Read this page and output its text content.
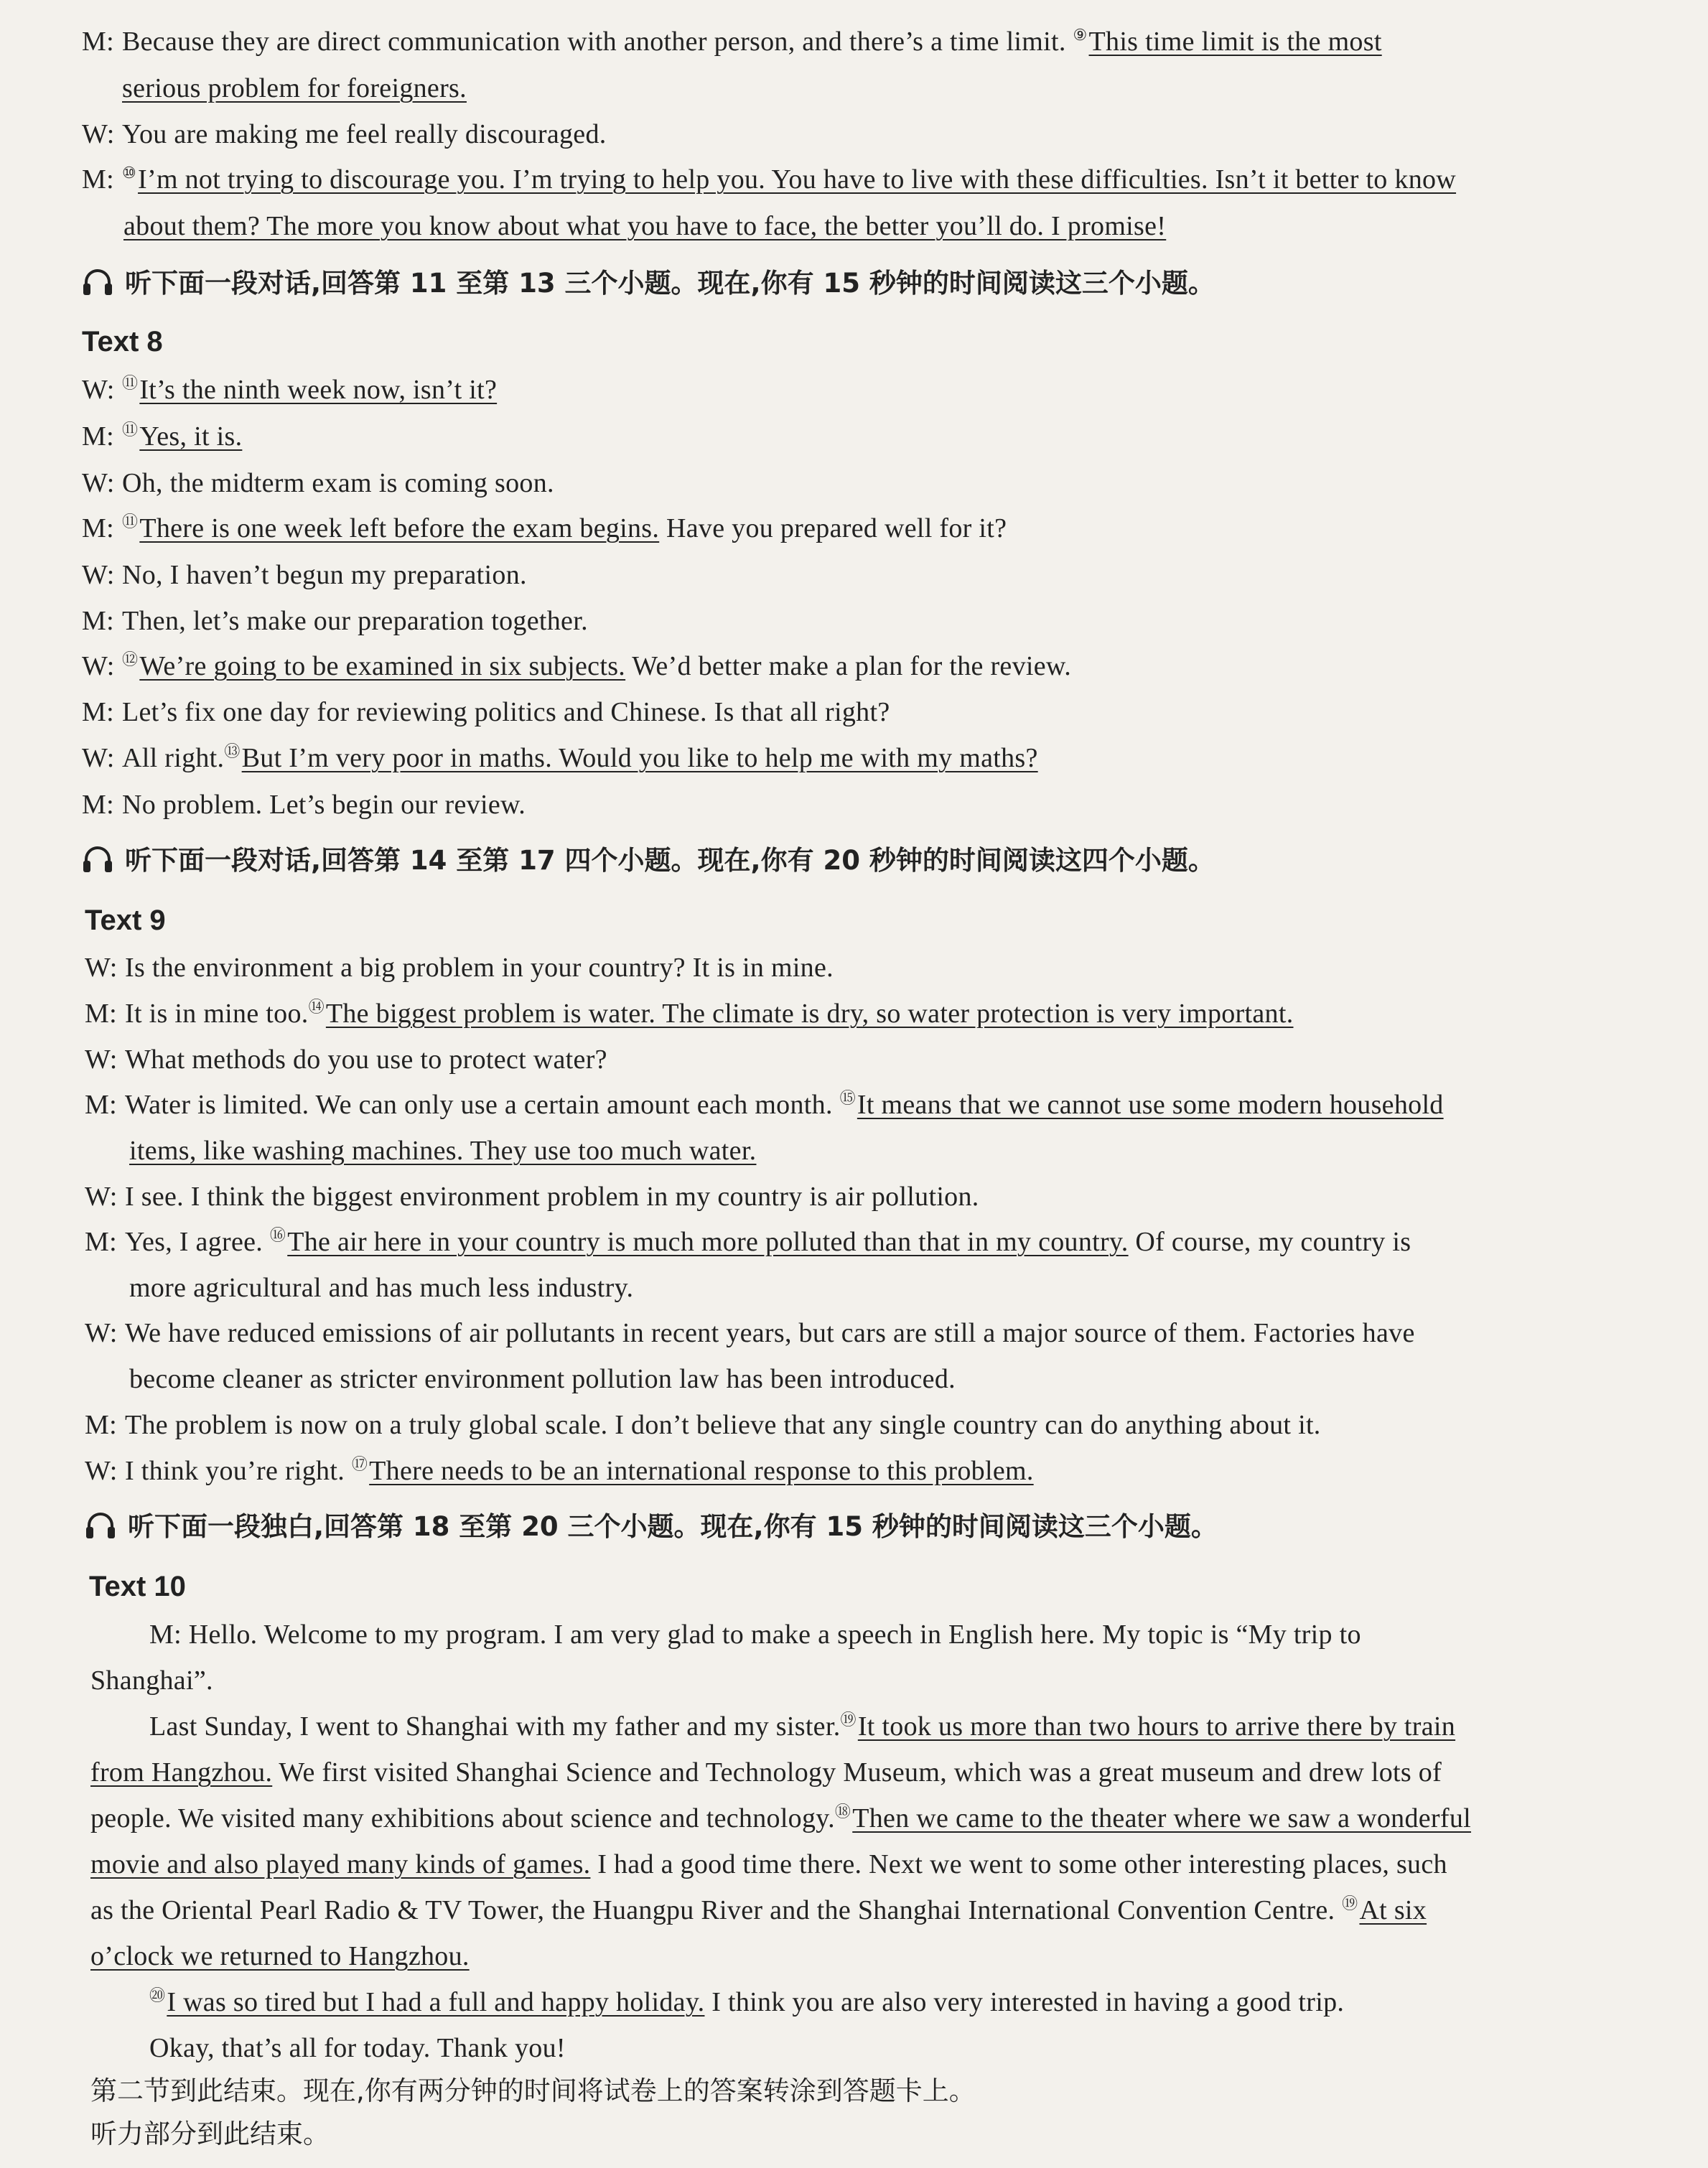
M: Because they are direct communication with another person, and there’s a time limit. ⑨This time limit is the most
serious problem for foreigners.
W: You are making me feel really discouraged.
M: ⑩I’m not trying to discourage you. I’m trying to help you. You have to live with these difficulties. Isn’t it better to know
about them? The more you know about what you have to face, the better you’ll do. I promise!
听下面一段对话,回答第 11 至第 13 三个小题。现在,你有 15 秒钟的时间阅读这三个小题。
Text 8
W: ⑪It’s the ninth week now, isn’t it?
M: ⑪Yes, it is.
W: Oh, the midterm exam is coming soon.
M: ⑪There is one week left before the exam begins. Have you prepared well for it?
W: No, I haven’t begun my preparation.
M: Then, let’s make our preparation together.
W: ⑫We’re going to be examined in six subjects. We’d better make a plan for the review.
M: Let’s fix one day for reviewing politics and Chinese. Is that all right?
W: All right.⑬But I’m very poor in maths. Would you like to help me with my maths?
M: No problem. Let’s begin our review.
听下面一段对话,回答第 14 至第 17 四个小题。现在,你有 20 秒钟的时间阅读这四个小题。
Text 9
W: Is the environment a big problem in your country? It is in mine.
M: It is in mine too.⑭The biggest problem is water. The climate is dry, so water protection is very important.
W: What methods do you use to protect water?
M: Water is limited. We can only use a certain amount each month. ⑮It means that we cannot use some modern household
items, like washing machines. They use too much water.
W: I see. I think the biggest environment problem in my country is air pollution.
M: Yes, I agree. ⑯The air here in your country is much more polluted than that in my country. Of course, my country is
more agricultural and has much less industry.
W: We have reduced emissions of air pollutants in recent years, but cars are still a major source of them. Factories have
become cleaner as stricter environment pollution law has been introduced.
M: The problem is now on a truly global scale. I don’t believe that any single country can do anything about it.
W: I think you’re right. ⑰There needs to be an international response to this problem.
听下面一段独白,回答第 18 至第 20 三个小题。现在,你有 15 秒钟的时间阅读这三个小题。
Text 10
M: Hello. Welcome to my program. I am very glad to make a speech in English here. My topic is “My trip to
Shanghai”.
Last Sunday, I went to Shanghai with my father and my sister.⑲It took us more than two hours to arrive there by train
from Hangzhou. We first visited Shanghai Science and Technology Museum, which was a great museum and drew lots of
people. We visited many exhibitions about science and technology.⑱Then we came to the theater where we saw a wonderful
movie and also played many kinds of games. I had a good time there. Next we went to some other interesting places, such
as the Oriental Pearl Radio & TV Tower, the Huangpu River and the Shanghai International Convention Centre. ⑲At six
o’clock we returned to Hangzhou.
⑳I was so tired but I had a full and happy holiday. I think you are also very interested in having a good trip.
Okay, that’s all for today. Thank you!
第二节到此结束。现在,你有两分钟的时间将试卷上的答案转涂到答题卡上。
听力部分到此结束。
